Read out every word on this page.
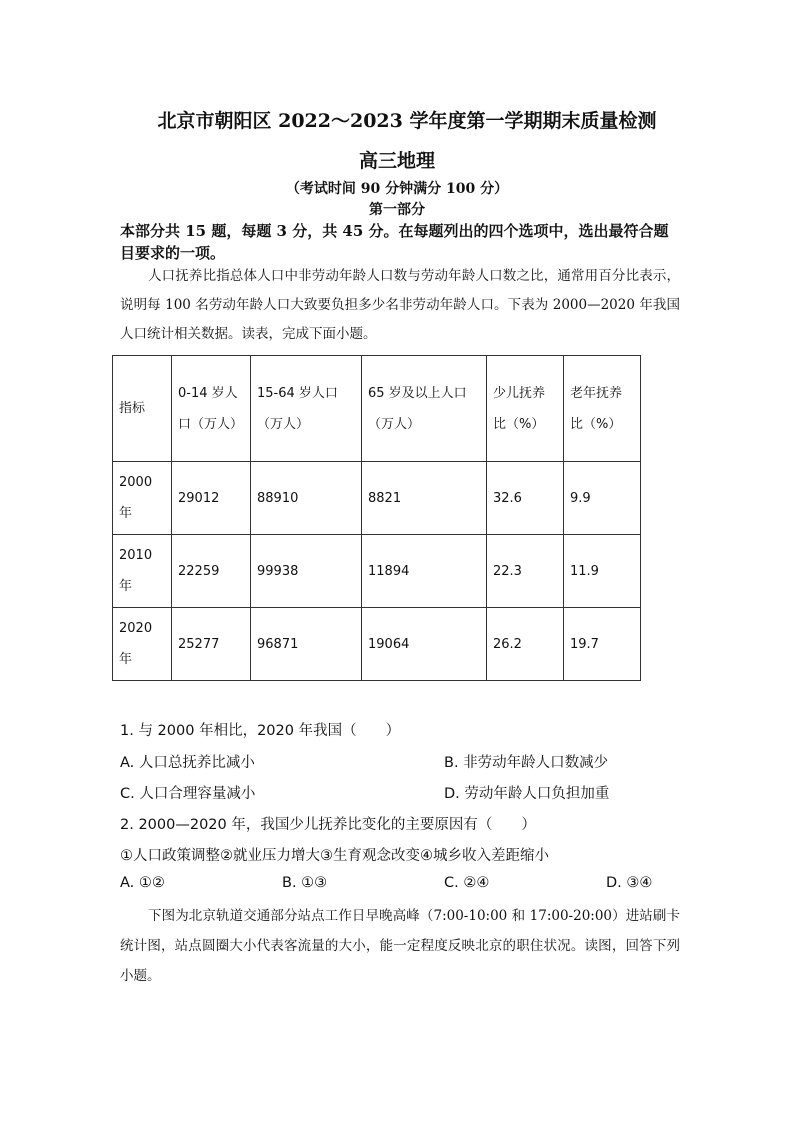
北京市朝阳区 2022～2023 学年度第一学期期末质量检测
高三地理
（考试时间 90 分钟满分 100 分）
第一部分
本部分共 15 题，每题 3 分，共 45 分。在每题列出的四个选项中，选出最符合题目要求的一项。
人口抚养比指总体人口中非劳动年龄人口数与劳动年龄人口数之比，通常用百分比表示，说明每 100 名劳动年龄人口大致要负担多少名非劳动年龄人口。下表为 2000—2020 年我国人口统计相关数据。读表，完成下面小题。
指标	0-14 岁人口（万人）	15-64 岁人口（万人）	65 岁及以上人口（万人）	少儿抚养比（%）	老年抚养比（%）
2000 年	29012	88910	8821	32.6	9.9
2010 年	22259	99938	11894	22.3	11.9
2020 年	25277	96871	19064	26.2	19.7
1. 与 2000 年相比，2020 年我国（　　）
A. 人口总抚养比减小	B. 非劳动年龄人口数减少
C. 人口合理容量减小	D. 劳动年龄人口负担加重
2. 2000—2020 年，我国少儿抚养比变化的主要原因有（　　）
①人口政策调整②就业压力增大③生育观念改变④城乡收入差距缩小
A. ①②	B. ①③	C. ②④	D. ③④
下图为北京轨道交通部分站点工作日早晚高峰（7:00-10:00 和 17:00-20:00）进站刷卡统计图，站点圆圈大小代表客流量的大小，能一定程度反映北京的职住状况。读图，回答下列小题。
